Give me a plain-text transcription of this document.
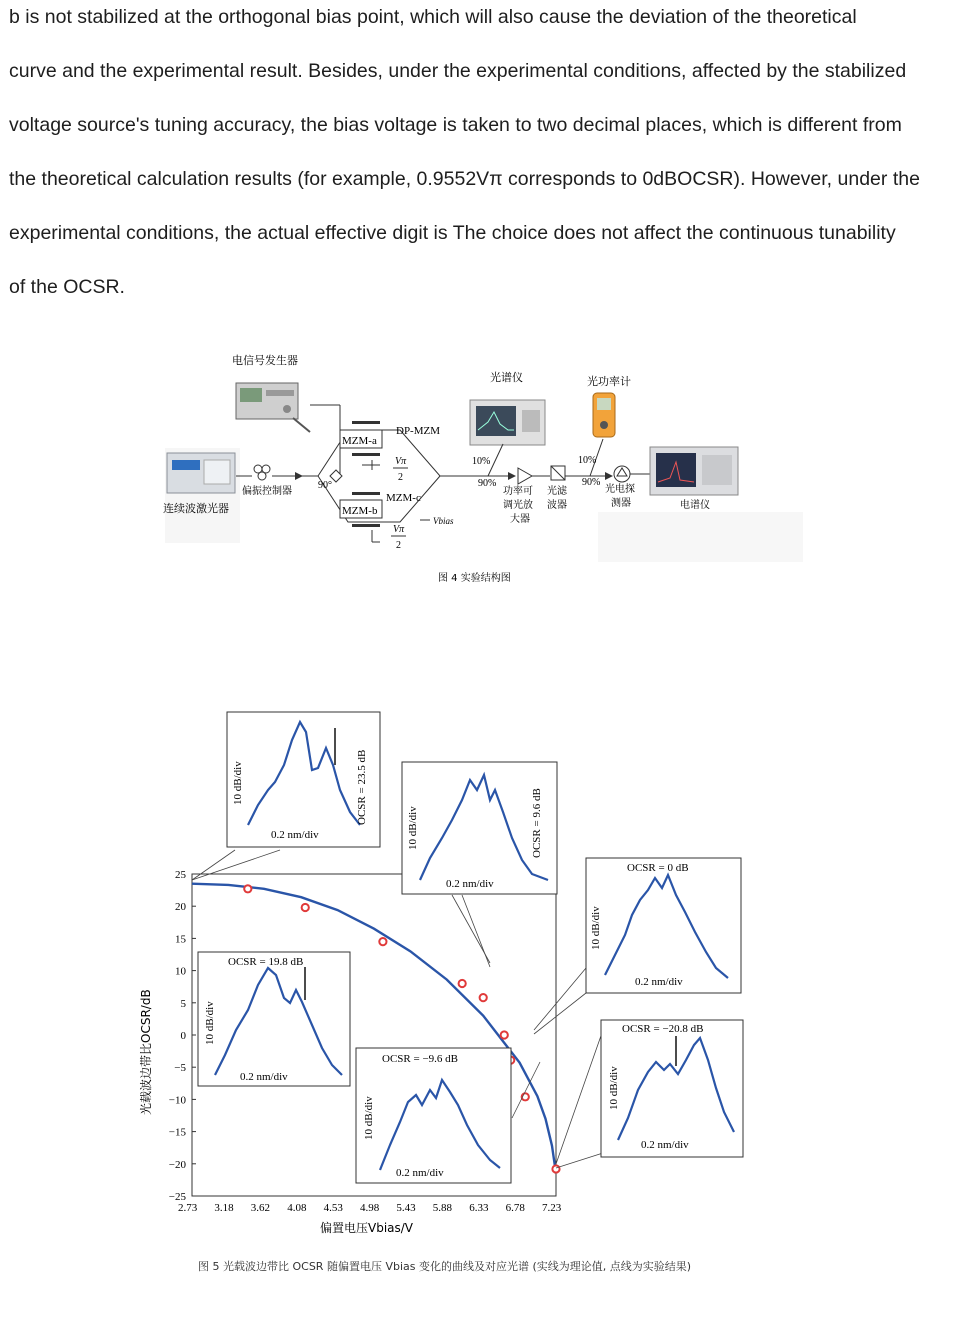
b is not stabilized at the orthogonal bias point, which will also cause the deviation of the theoretical
curve and the experimental result. Besides, under the experimental conditions, affected by the stabilized
voltage source's tuning accuracy, the bias voltage is taken to two decimal places, which is different from
the theoretical calculation results (for example, 0.9552Vπ corresponds to 0dBOCSR). However, under the
experimental conditions, the actual effective digit is The choice does not affect the continuous tunability
of the OCSR.
电信号发生器
光谱仪	光功率计
连续波激光器
偏振控制器
DP-MZM
MZM-a
Vπ
2
MZM-b
Vπ
2
MZM-c
90°
Vbias
10%
90%
10%
90%
功率可
调光放
大器
光滤
波器
光电探
测器	电谱仪
图 4 实验结构图
2.73 3.18 3.62 4.08 4.53 4.98 5.43 5.88 6.33 6.78 7.23
25
20
15
10
5
0
−5
−10
−15
−20
−25
偏置电压Vbias/V
光载波边带比OCSR/dB
10 dB/div	OCSR = 23.5 dB
0.2 nm/div	10 dB/div	OCSR = 9.6 dB
0.2 nm/div
OCSR = 0 dB
10 dB/div
0.2 nm/div
OCSR = 19.8 dB
10 dB/div
0.2 nm/div
OCSR = −9.6 dB
10 dB/div
0.2 nm/div
OCSR = −20.8 dB
10 dB/div
0.2 nm/div
图 5 光载波边带比 OCSR 随偏置电压 Vbias 变化的曲线及对应光谱 (实线为理论值, 点线为实验结果)
